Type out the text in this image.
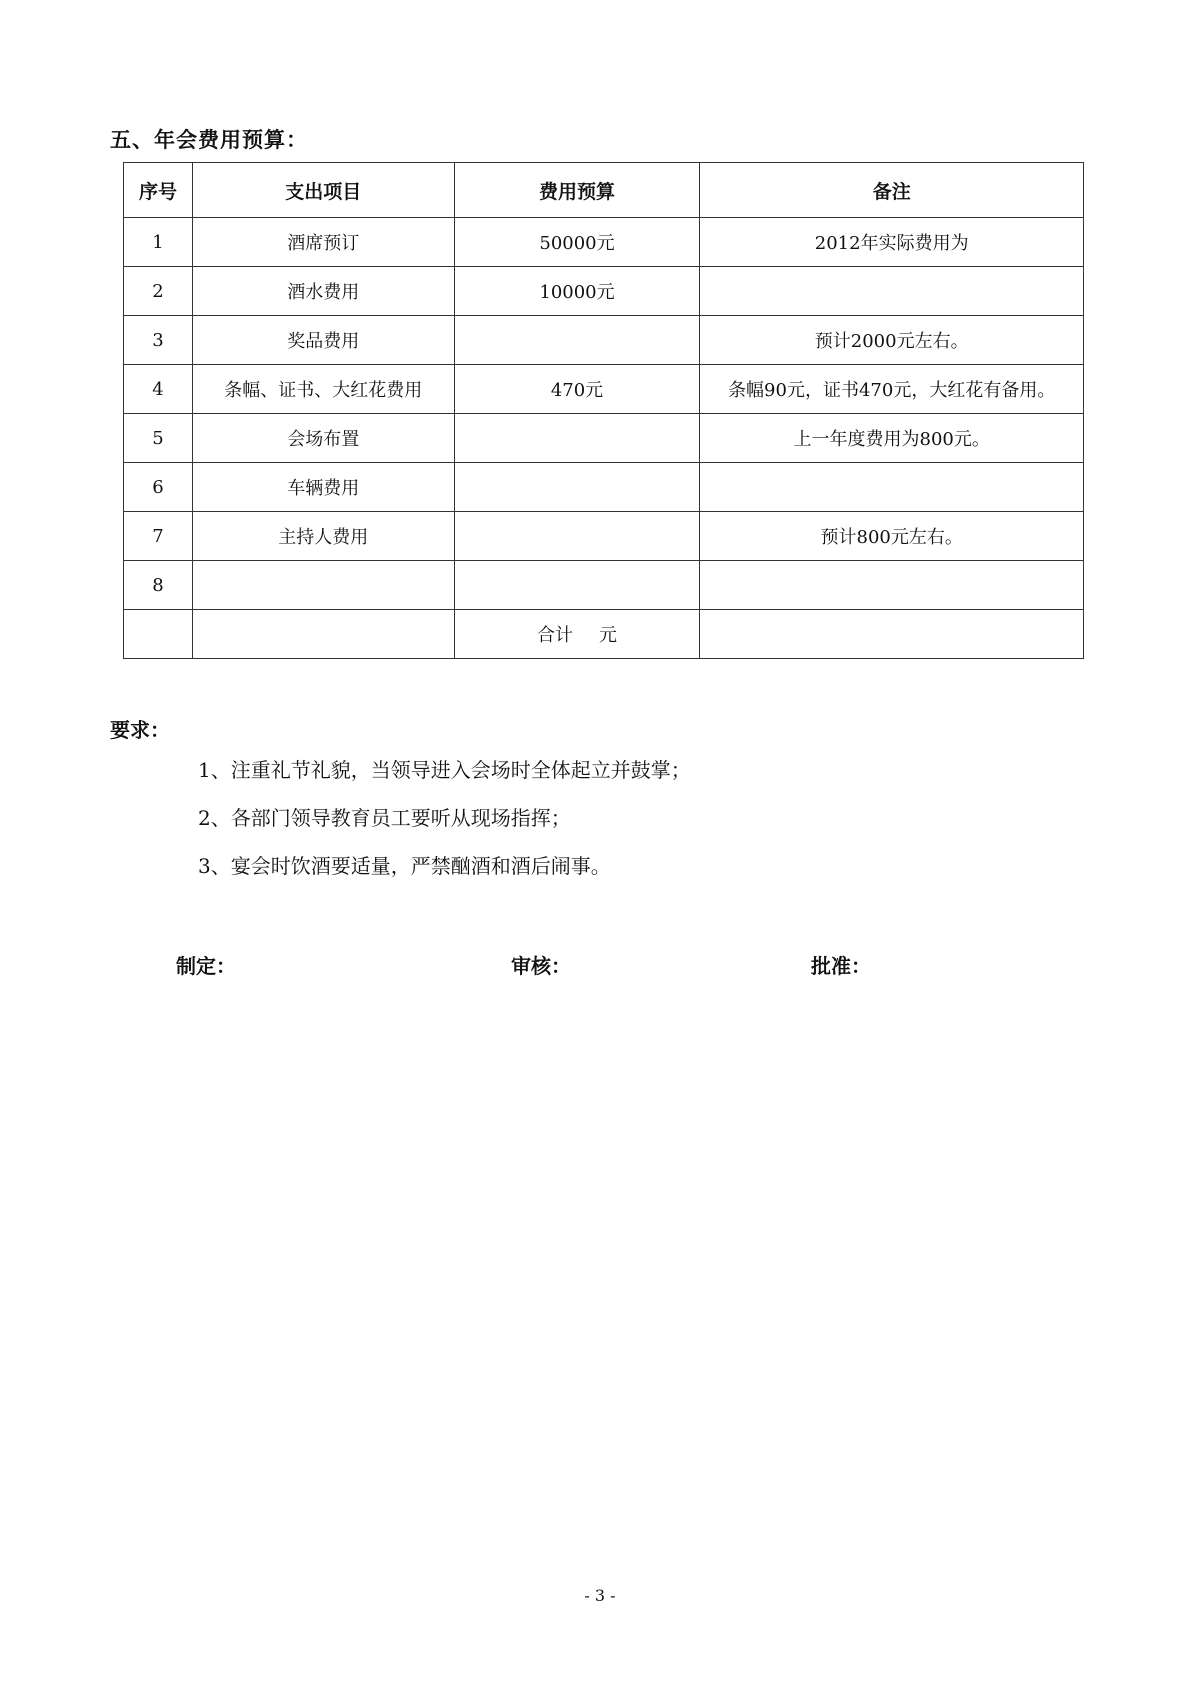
五、年会费用预算：
序号	支出项目	费用预算	备注
1	酒席预订	50000元	2012年实际费用为
2	酒水费用	10000元	
3	奖品费用		预计2000元左右。
4	条幅、证书、大红花费用	470元	条幅90元，证书470元，大红花有备用。
5	会场布置		上一年度费用为800元。
6	车辆费用		
7	主持人费用		预计800元左右。
8			
		合计 元	
要求：
1、注重礼节礼貌，当领导进入会场时全体起立并鼓掌；
2、各部门领导教育员工要听从现场指挥；
3、宴会时饮酒要适量，严禁酗酒和酒后闹事。
制定：	审核：	批准：
- 3 -
